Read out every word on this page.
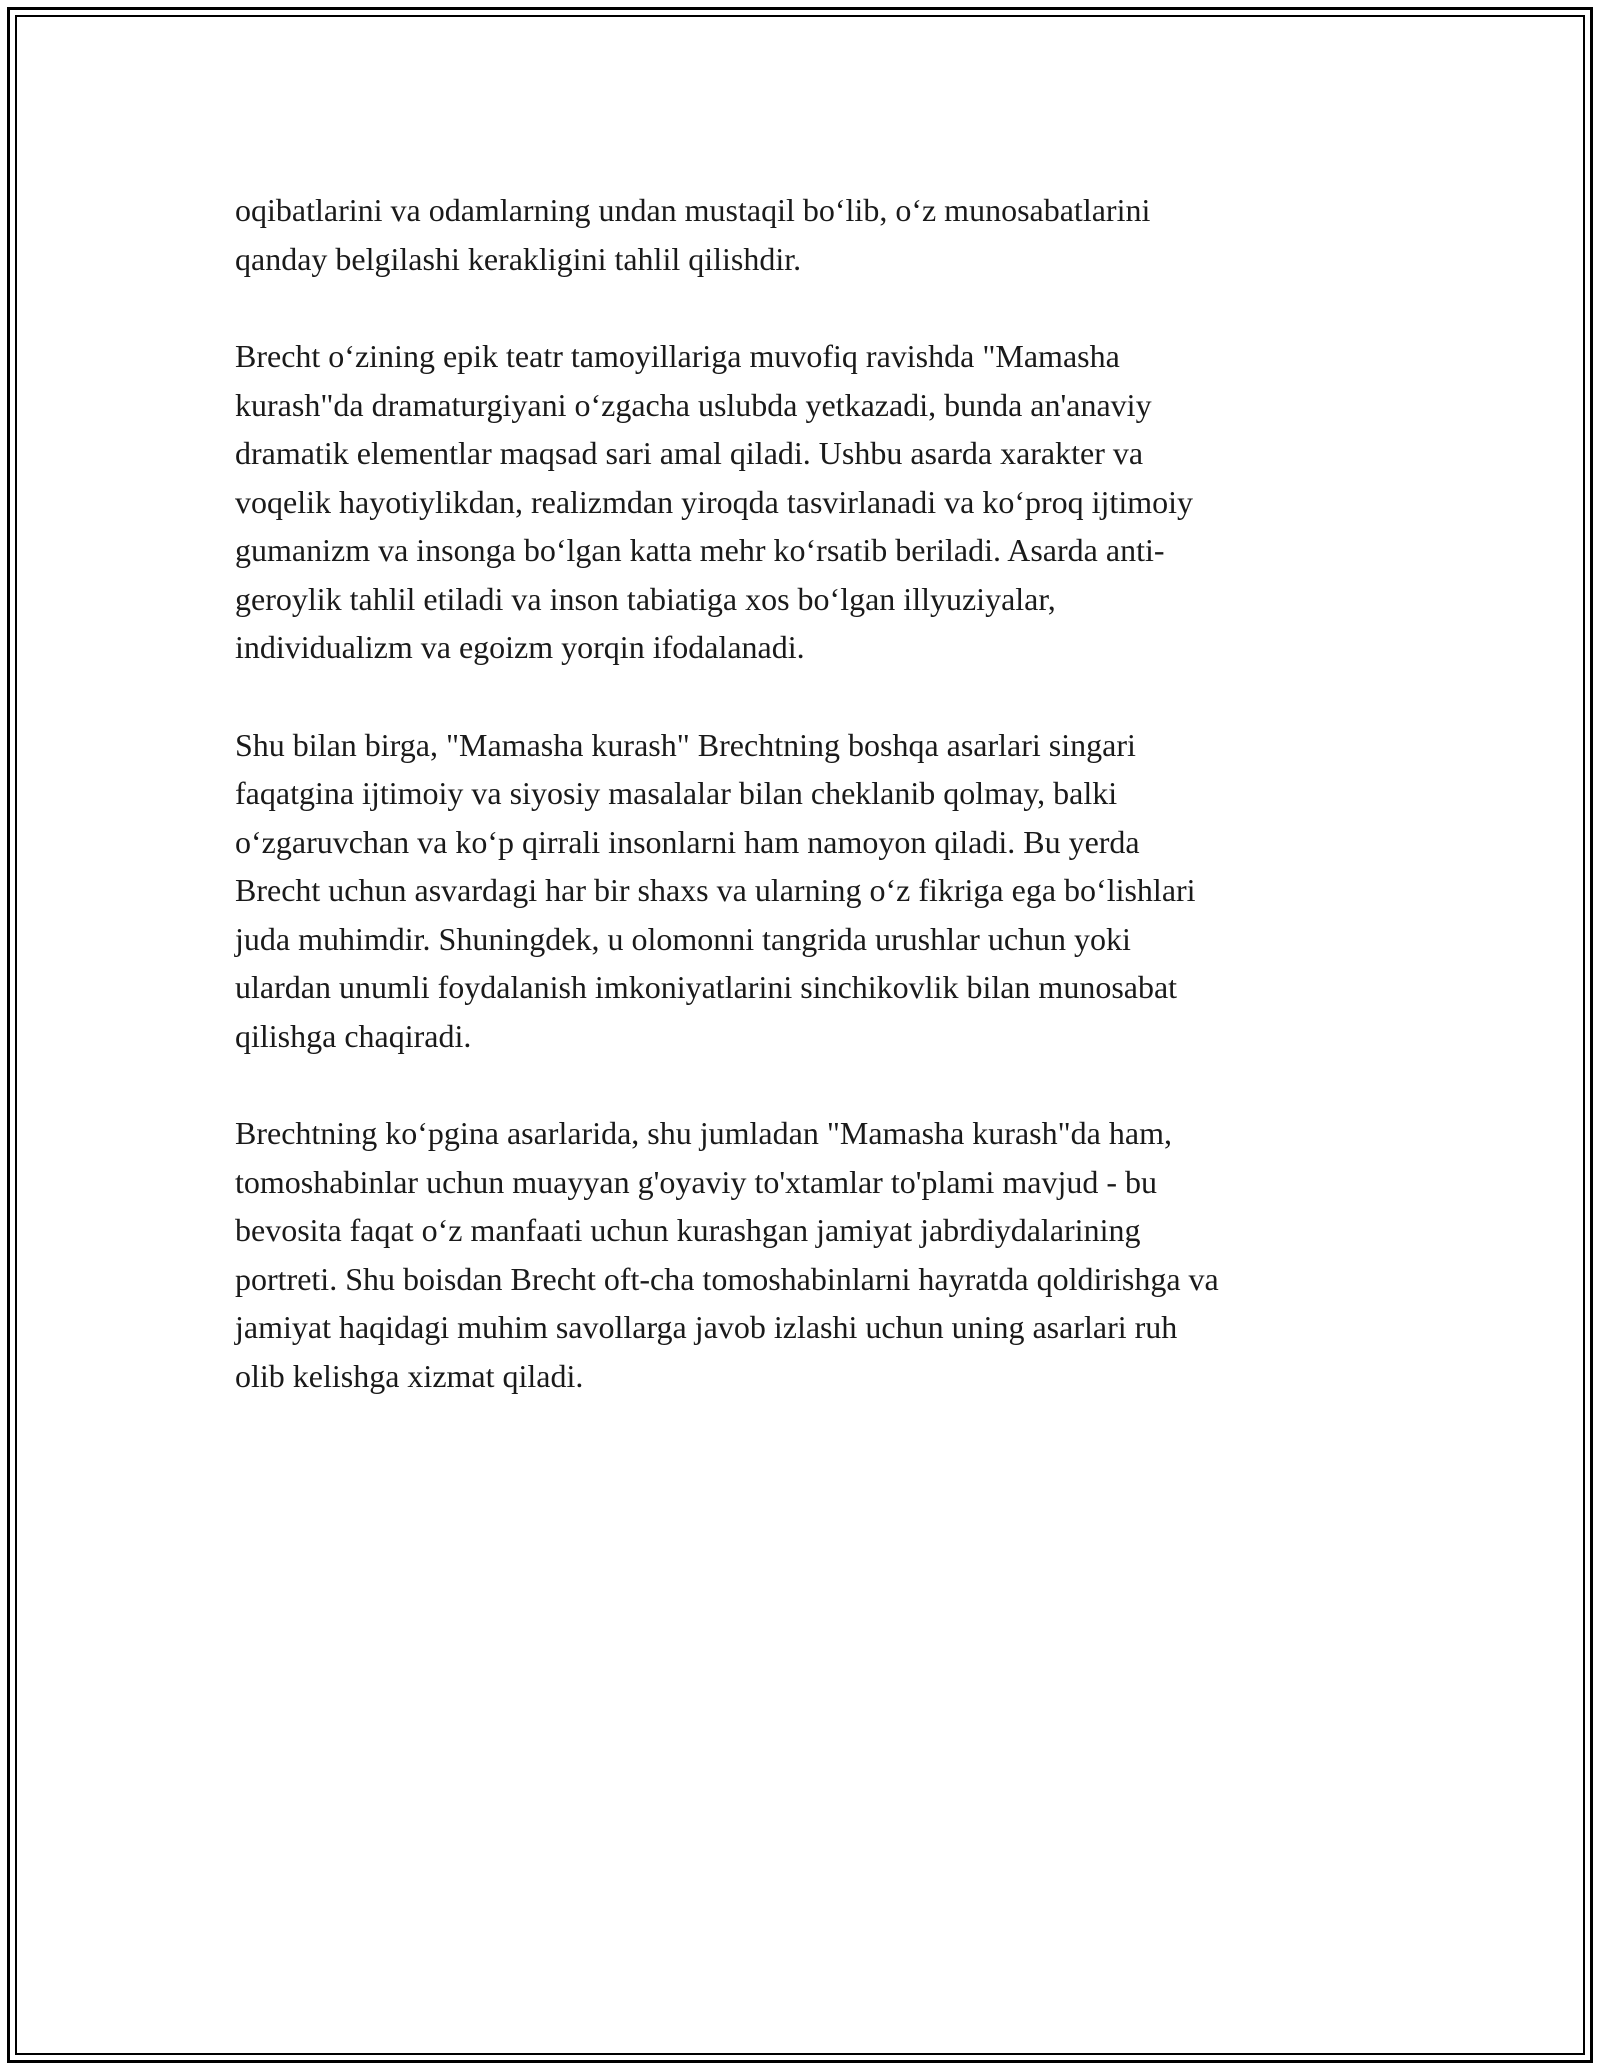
oqibatlarini va odamlarning undan mustaqil bo‘lib, o‘z munosabatlarini
qanday belgilashi kerakligini tahlil qilishdir.

Brecht o‘zining epik teatr tamoyillariga muvofiq ravishda "Mamasha
kurash"da dramaturgiyani o‘zgacha uslubda yetkazadi, bunda an'anaviy
dramatik elementlar maqsad sari amal qiladi. Ushbu asarda xarakter va
voqelik hayotiylikdan, realizmdan yiroqda tasvirlanadi va ko‘proq ijtimoiy
gumanizm va insonga bo‘lgan katta mehr ko‘rsatib beriladi. Asarda anti-
geroylik tahlil etiladi va inson tabiatiga xos bo‘lgan illyuziyalar,
individualizm va egoizm yorqin ifodalanadi.

Shu bilan birga, "Mamasha kurash" Brechtning boshqa asarlari singari
faqatgina ijtimoiy va siyosiy masalalar bilan cheklanib qolmay, balki
o‘zgaruvchan va ko‘p qirrali insonlarni ham namoyon qiladi. Bu yerda
Brecht uchun asvardagi har bir shaxs va ularning o‘z fikriga ega bo‘lishlari
juda muhimdir. Shuningdek, u olomonni tangrida urushlar uchun yoki
ulardan unumli foydalanish imkoniyatlarini sinchikovlik bilan munosabat
qilishga chaqiradi.

Brechtning ko‘pgina asarlarida, shu jumladan "Mamasha kurash"da ham,
tomoshabinlar uchun muayyan g'oyaviy to'xtamlar to'plami mavjud - bu
bevosita faqat o‘z manfaati uchun kurashgan jamiyat jabrdiydalarining
portreti. Shu boisdan Brecht oft-cha tomoshabinlarni hayratda qoldirishga va
jamiyat haqidagi muhim savollarga javob izlashi uchun uning asarlari ruh
olib kelishga xizmat qiladi.
